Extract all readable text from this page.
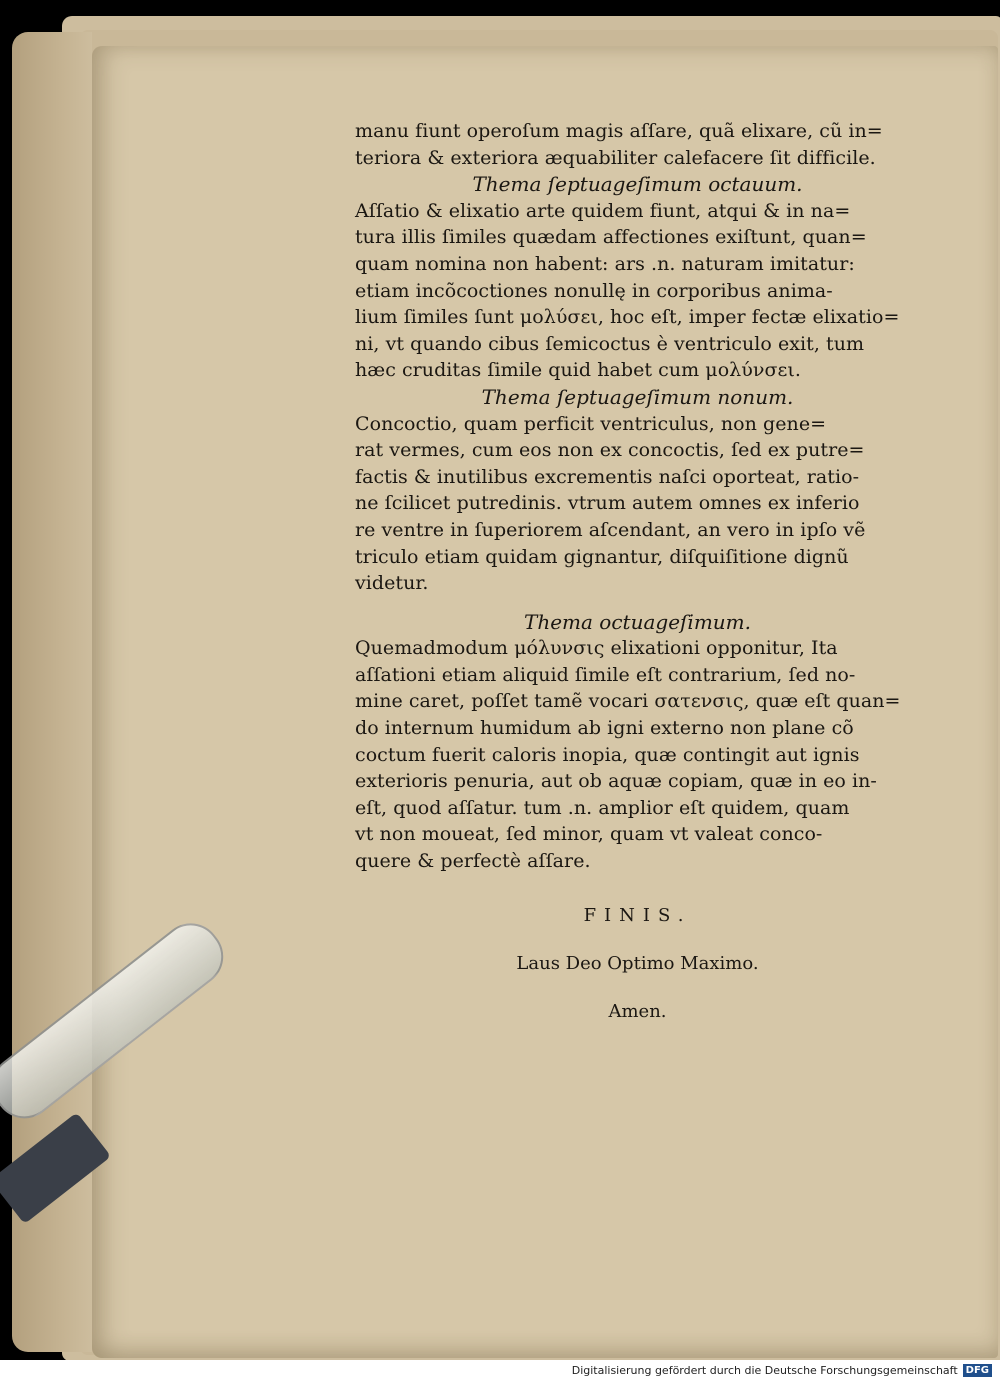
manu fiunt operoſum magis aſſare, quã elixare, cũ in=
teriora & exteriora æquabiliter calefacere ſit difficile.
Thema ſeptuageſimum octauum.
Aſſatio & elixatio arte quidem fiunt, atqui & in na=
tura illis ſimiles quædam affectiones exiſtunt, quan=
quam nomina non habent: ars .n. naturam imitatur:
etiam incõcoctiones nonullę in corporibus anima-
lium ſimiles ſunt μολύσɛι, hoc eſt, imper fectæ elixatio=
ni, vt quando cibus ſemicoctus è ventriculo exit, tum
hæc cruditas ſimile quid habet cum μολύνσɛι.
Thema ſeptuageſimum nonum.
Concoctio, quam perficit ventriculus, non gene=
rat vermes, cum eos non ex concoctis, ſed ex putre=
factis & inutilibus excrementis naſci oporteat, ratio-
ne ſcilicet putredinis. vtrum autem omnes ex inferio
re ventre in ſuperiorem aſcendant, an vero in ipſo vẽ
triculo etiam quidam gignantur, diſquiſitione dignũ
videtur.
Thema octuageſimum.
Quemadmodum μόλυνσις elixationi opponitur, Ita
aſſationi etiam aliquid ſimile eſt contrarium, ſed no-
mine caret, poſſet tamẽ vocari σατɛνσις, quæ eſt quan=
do internum humidum ab igni externo non plane cõ
coctum fuerit caloris inopia, quæ contingit aut ignis
exterioris penuria, aut ob aquæ copiam, quæ in eo in-
eſt, quod aſſatur. tum .n. amplior eſt quidem, quam
vt non moueat, ſed minor, quam vt valeat conco-
quere & perfectè aſſare.
FINIS.
Laus Deo Optimo Maximo.
Amen.
Digitalisierung gefördert durch die Deutsche Forschungsgemeinschaft DFG
